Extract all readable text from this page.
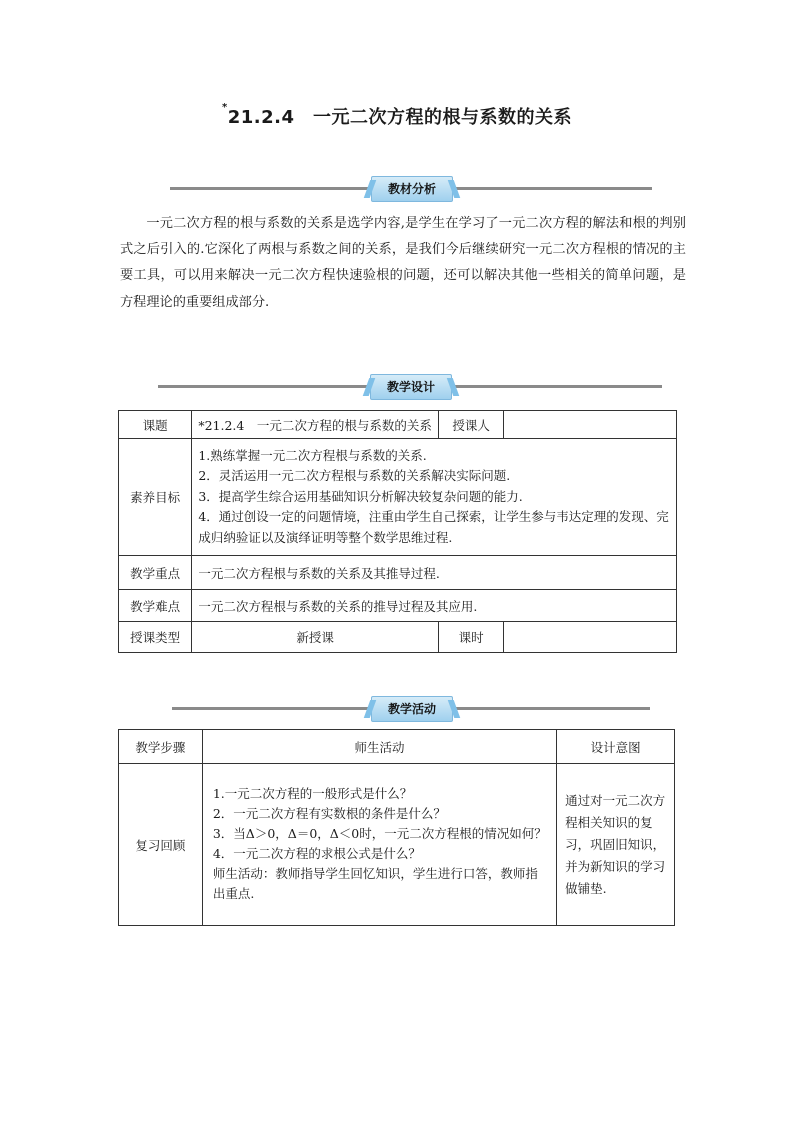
*21.2.4　一元二次方程的根与系数的关系
教材分析
一元二次方程的根与系数的关系是选学内容,是学生在学习了一元二次方程的解法和根的判别式之后引入的.它深化了两根与系数之间的关系，是我们今后继续研究一元二次方程根的情况的主要工具，可以用来解决一元二次方程快速验根的问题，还可以解决其他一些相关的简单问题，是方程理论的重要组成部分.
教学设计
课题	*21.2.4　一元二次方程的根与系数的关系	授课人	
素养目标	1.熟练掌握一元二次方程根与系数的关系.
2．灵活运用一元二次方程根与系数的关系解决实际问题.
3．提高学生综合运用基础知识分析解决较复杂问题的能力.
4．通过创设一定的问题情境，注重由学生自己探索，让学生参与韦达定理的发现、完成归纳验证以及演绎证明等整个数学思维过程.		

教学重点	一元二次方程根与系数的关系及其推导过程.		
教学难点	一元二次方程根与系数的关系的推导过程及其应用.		
授课类型	新授课	课时	
教学活动
教学步骤	师生活动	设计意图
复习回顾	1.一元二次方程的一般形式是什么？
2．一元二次方程有实数根的条件是什么？
3．当Δ＞0，Δ＝0，Δ＜0时，一元二次方程根的情况如何？
4．一元二次方程的求根公式是什么？
师生活动：教师指导学生回忆知识，学生进行口答，教师指出重点.	通过对一元二次方程相关知识的复习，巩固旧知识，并为新知识的学习做铺垫.
